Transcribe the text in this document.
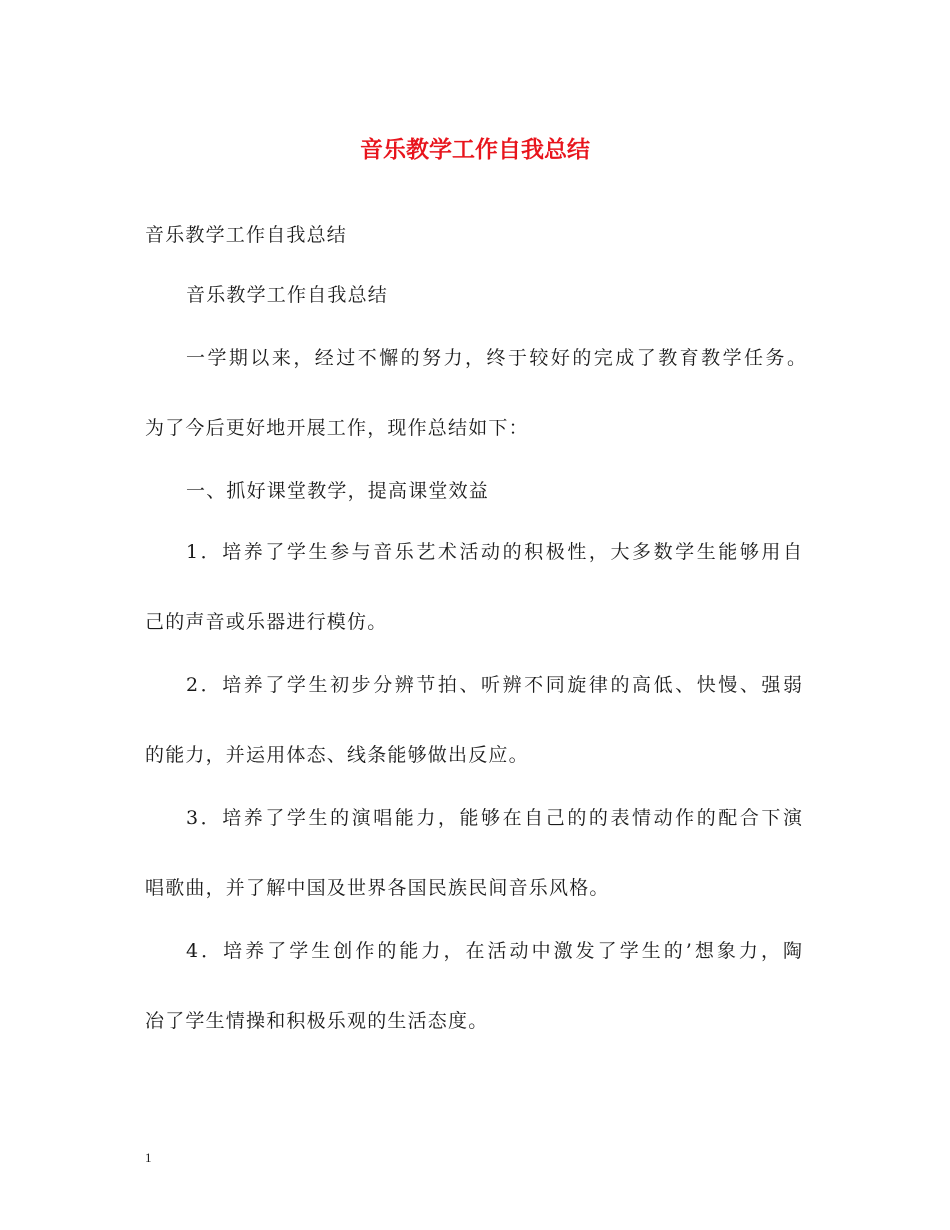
音乐教学工作自我总结
音乐教学工作自我总结
音乐教学工作自我总结
一学期以来，经过不懈的努力，终于较好的完成了教育教学任务。
为了今后更好地开展工作，现作总结如下：
一、抓好课堂教学，提高课堂效益
1．培养了学生参与音乐艺术活动的积极性，大多数学生能够用自
己的声音或乐器进行模仿。
2．培养了学生初步分辨节拍、听辨不同旋律的高低、快慢、强弱
的能力，并运用体态、线条能够做出反应。
3．培养了学生的演唱能力，能够在自己的的表情动作的配合下演
唱歌曲，并了解中国及世界各国民族民间音乐风格。
4．培养了学生创作的能力，在活动中激发了学生的’想象力，陶
冶了学生情操和积极乐观的生活态度。
1
